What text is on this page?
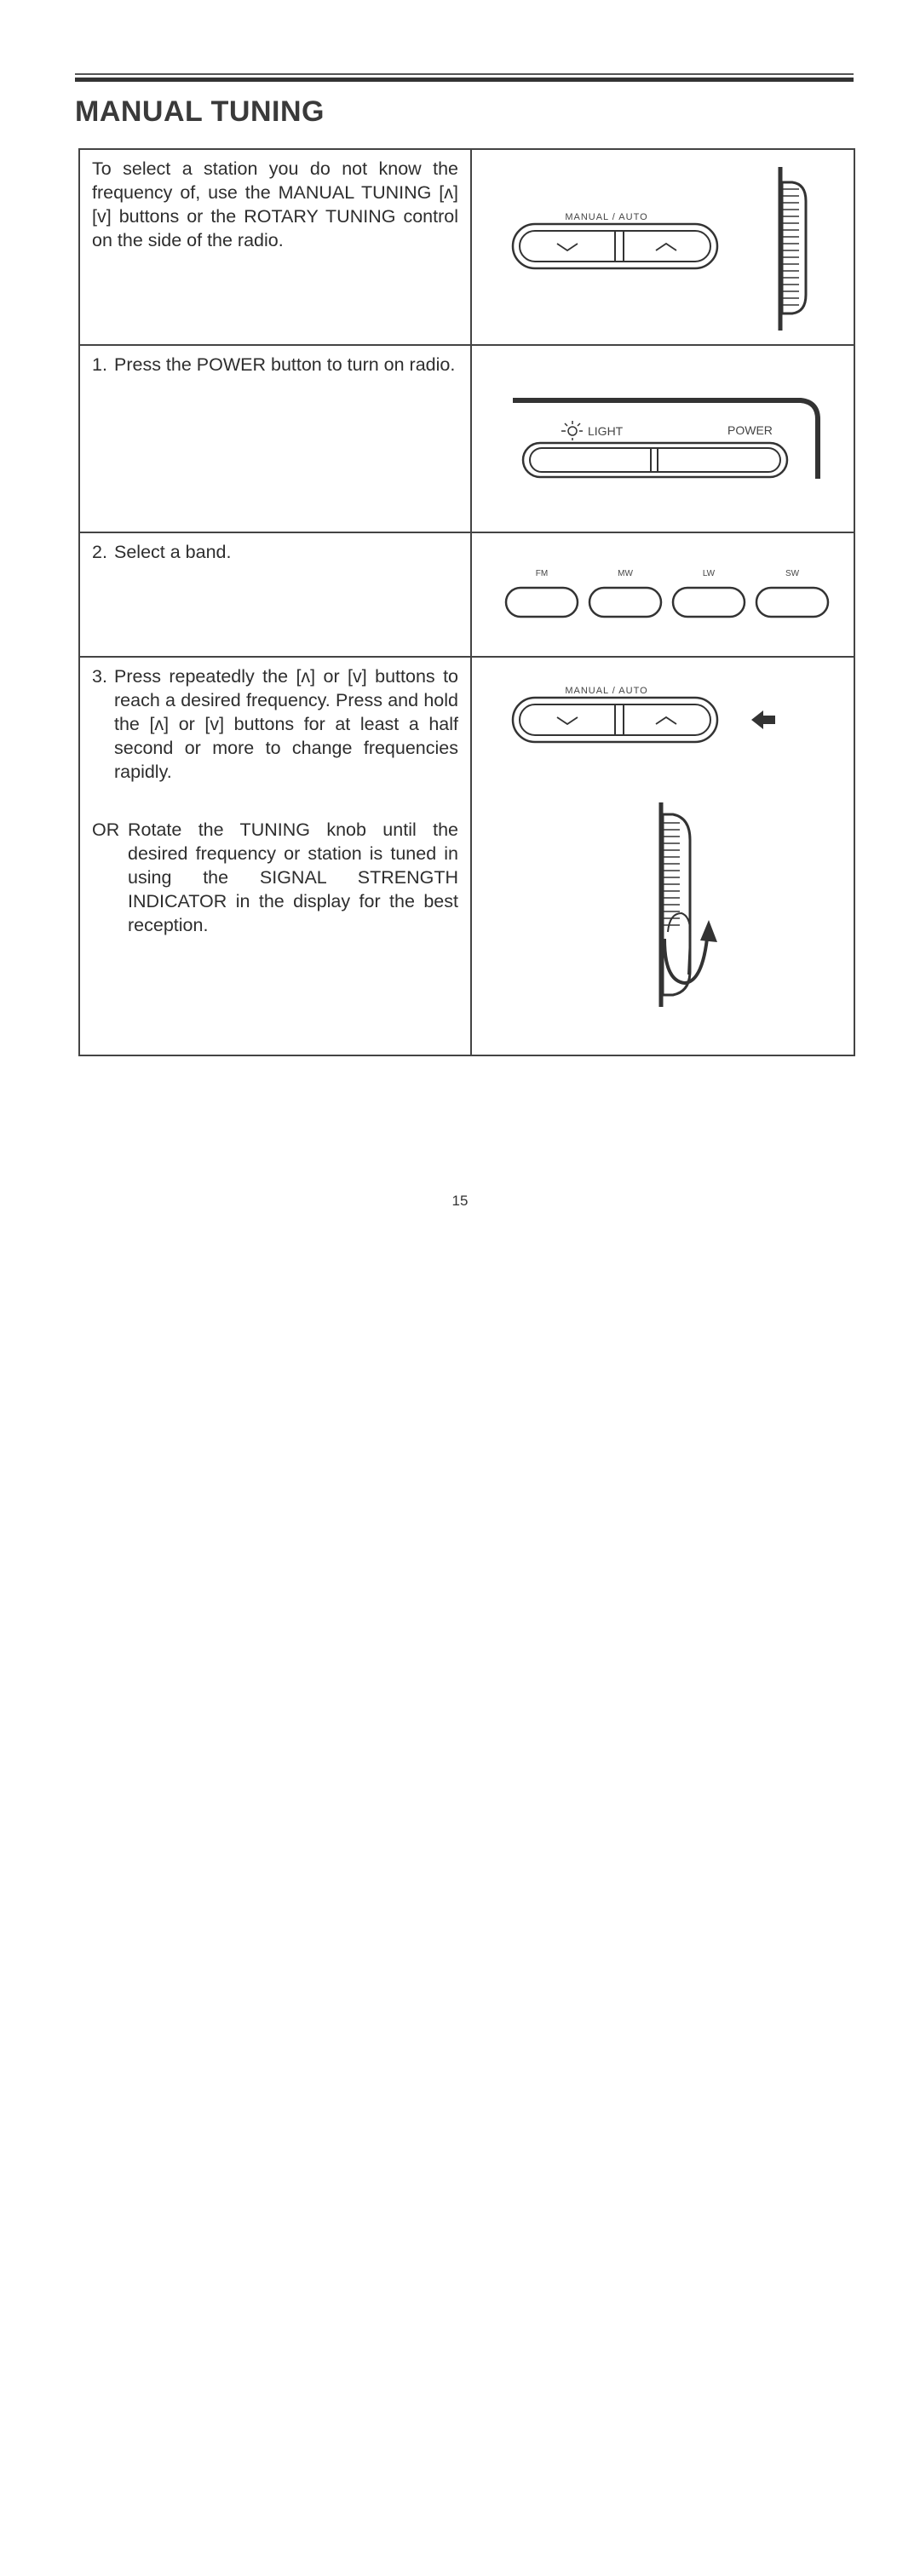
MANUAL TUNING

To select a station you do not know the frequency of, use the MANUAL TUNING [ʌ] [v] buttons or the ROTARY TUNING control on the side of the radio.

MANUAL / AUTO
1. Press the POWER button to turn on radio.
LIGHT	POWER
2. Select a band.
FM	MW	LW	SW
3. Press repeatedly the [ʌ] or [v] buttons to reach a desired frequency. Press and hold the [ʌ] or [v] buttons for at least a half second or more to change frequencies rapidly.
OR Rotate the TUNING knob until the desired frequency or station is tuned in using the SIGNAL STRENGTH INDICATOR in the display for the best reception.
MANUAL / AUTO
15
